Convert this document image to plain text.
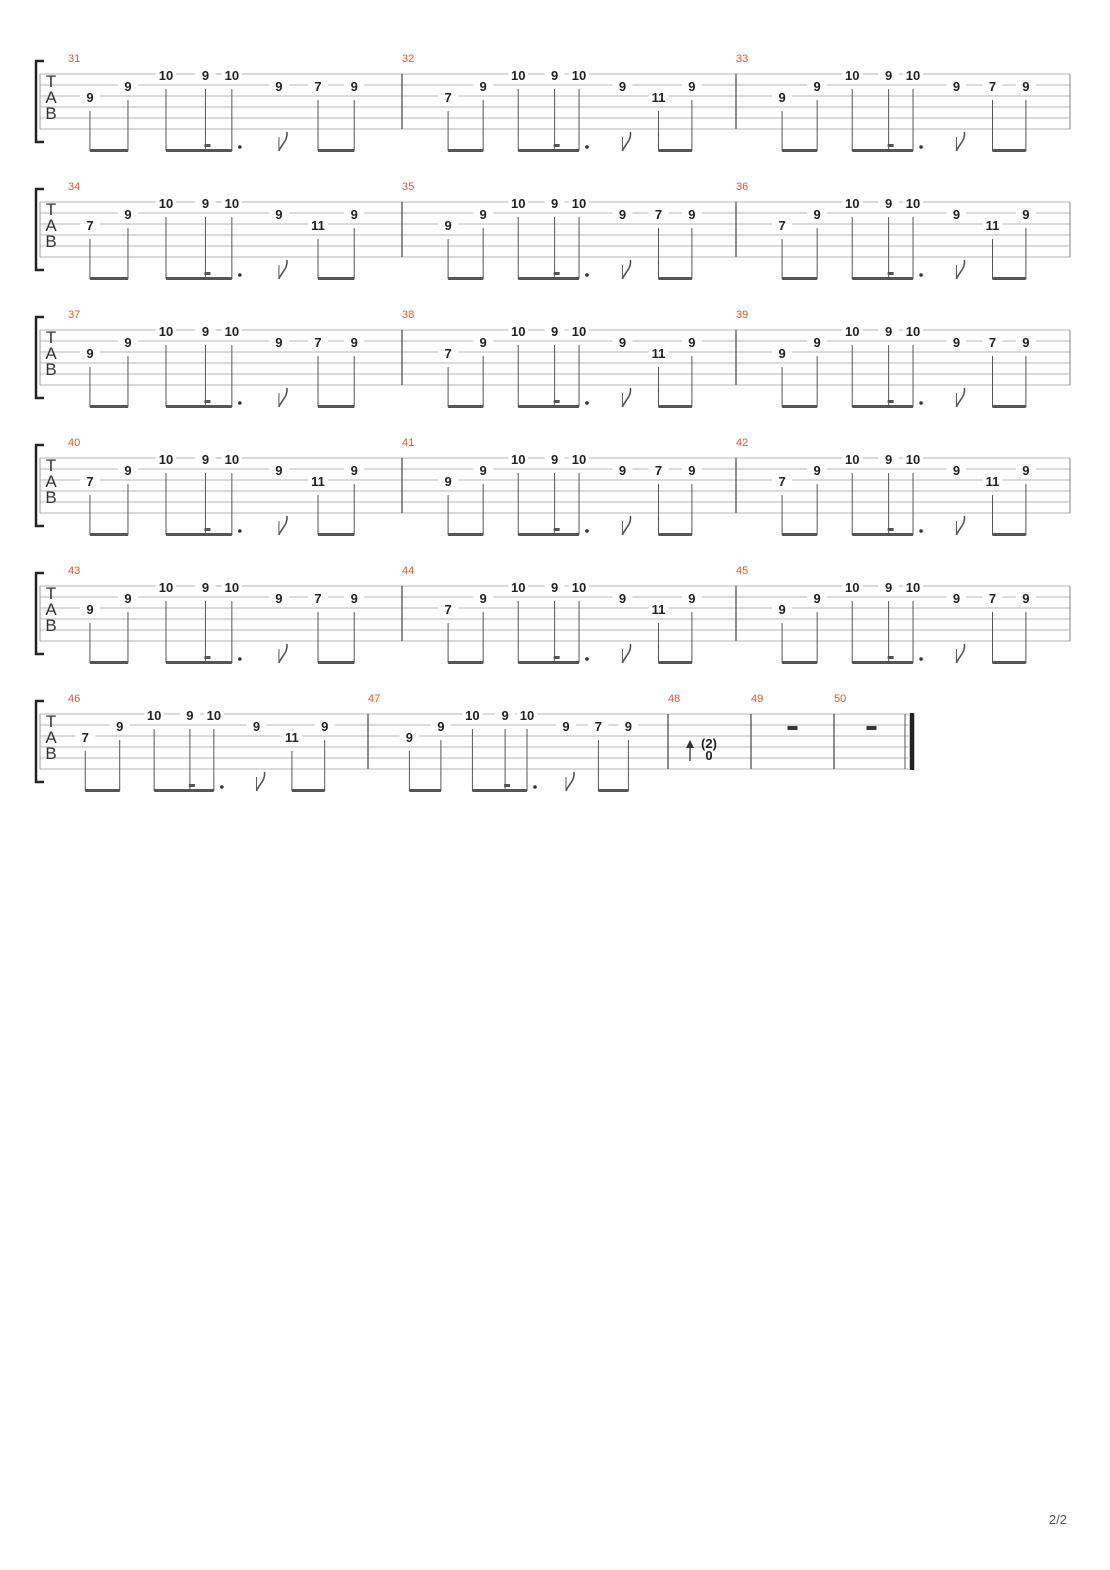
T
A
B
31
9
9
10 9 10
9 7 9
32
7
9
10 9 10
9
11
9
33
9
9
10 9 10
9 7 9
T
A
B
34
7
9
10 9 10
9
11
9
35
9
9
10 9 10
9 7 9
36
7
9
10 9 10
9
11
9
T
A
B
37
9
9
10 9 10
9 7 9
38
7
9
10 9 10
9
11
9
39
9
9
10 9 10
9 7 9
T
A
B
40
7
9
10 9 10
9
11
9
41
9
9
10 9 10
9 7 9
42
7
9
10 9 10
9
11
9
T
A
B
43
9
9
10 9 10
9 7 9
44
7
9
10 9 10
9
11
9
45
9
9
10 9 10
9 7 9
T
A
B
46
7
9
10 9 10
9
11
9
47
9
9
10 9 10
9 7 9
48
(2)
0
49	50
2/2
